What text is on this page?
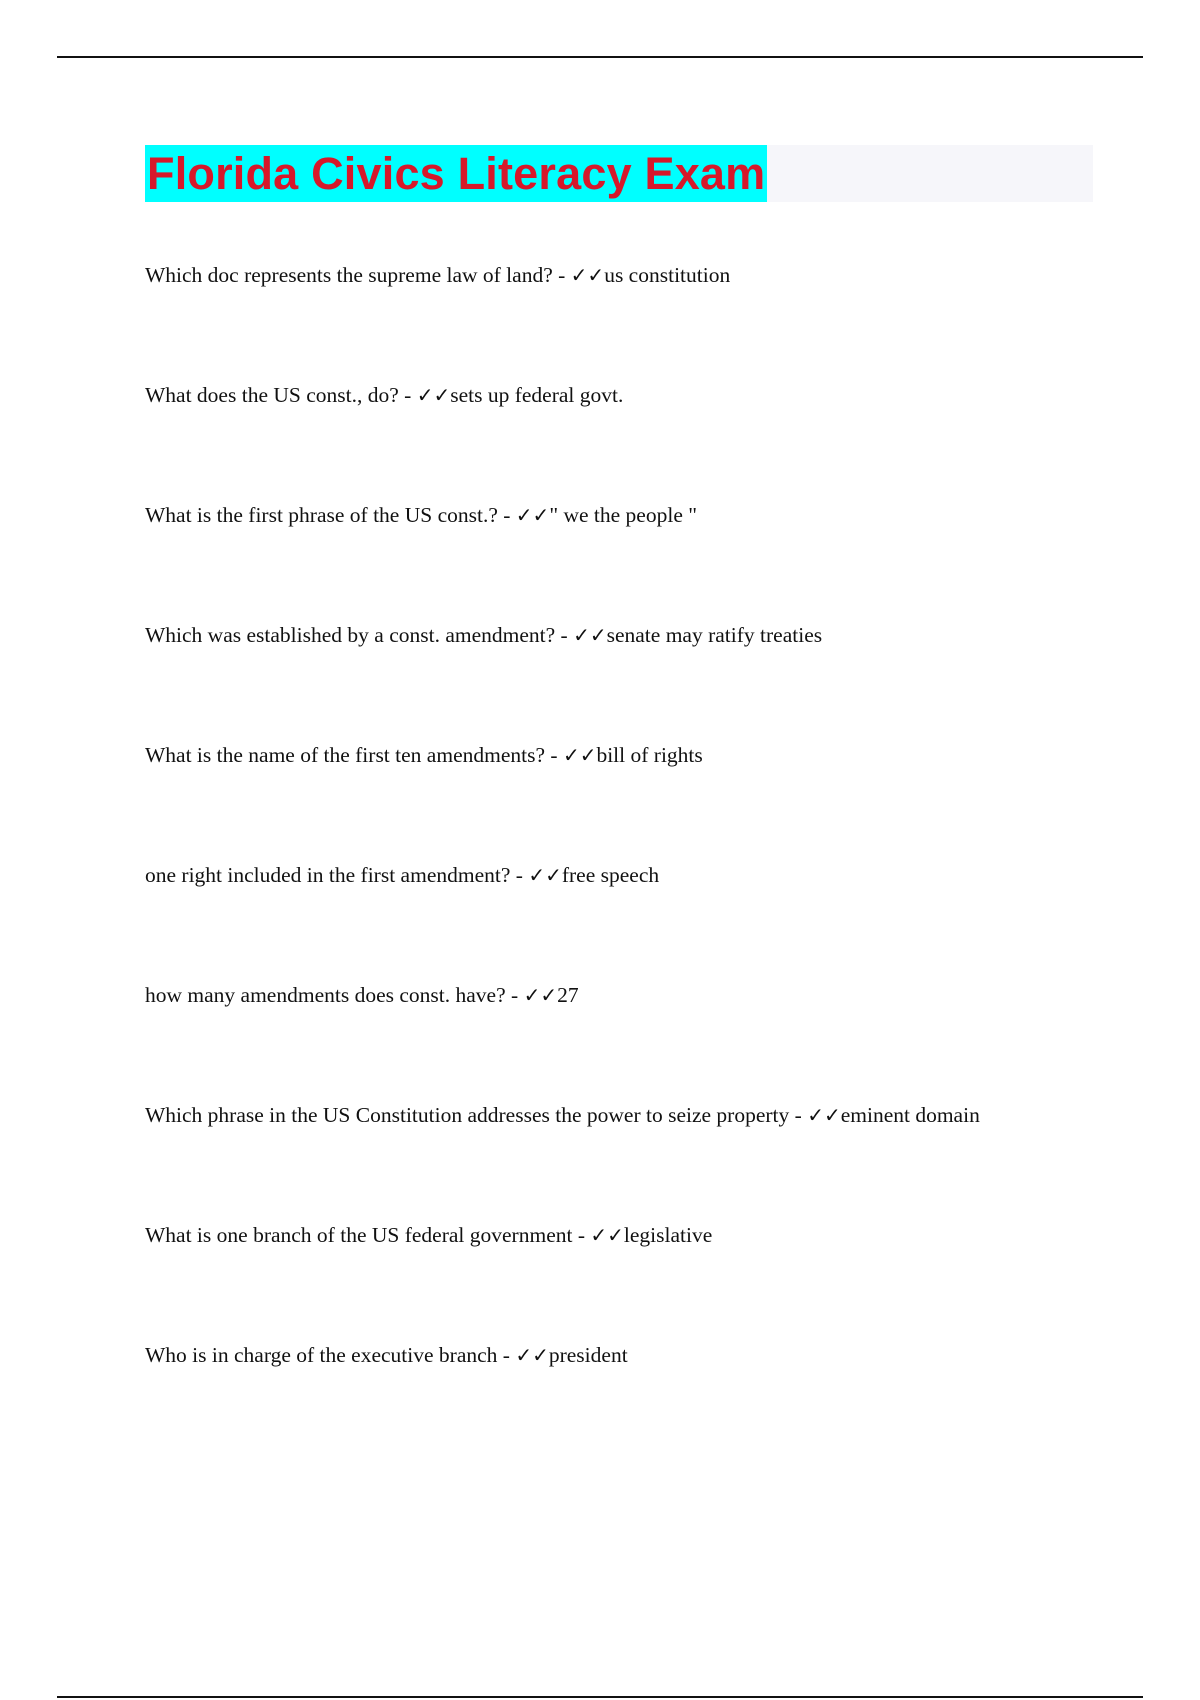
Florida Civics Literacy Exam
Which doc represents the supreme law of land? - ✓✓us constitution
What does the US const., do? - ✓✓sets up federal govt.
What is the first phrase of the US const.? - ✓✓" we the people "
Which was established by a const. amendment? - ✓✓senate may ratify treaties
What is the name of the first ten amendments? - ✓✓bill of rights
one right included in the first amendment? - ✓✓free speech
how many amendments does const. have? - ✓✓27
Which phrase in the US Constitution addresses the power to seize property - ✓✓eminent domain
What is one branch of the US federal government - ✓✓legislative
Who is in charge of the executive branch - ✓✓president
